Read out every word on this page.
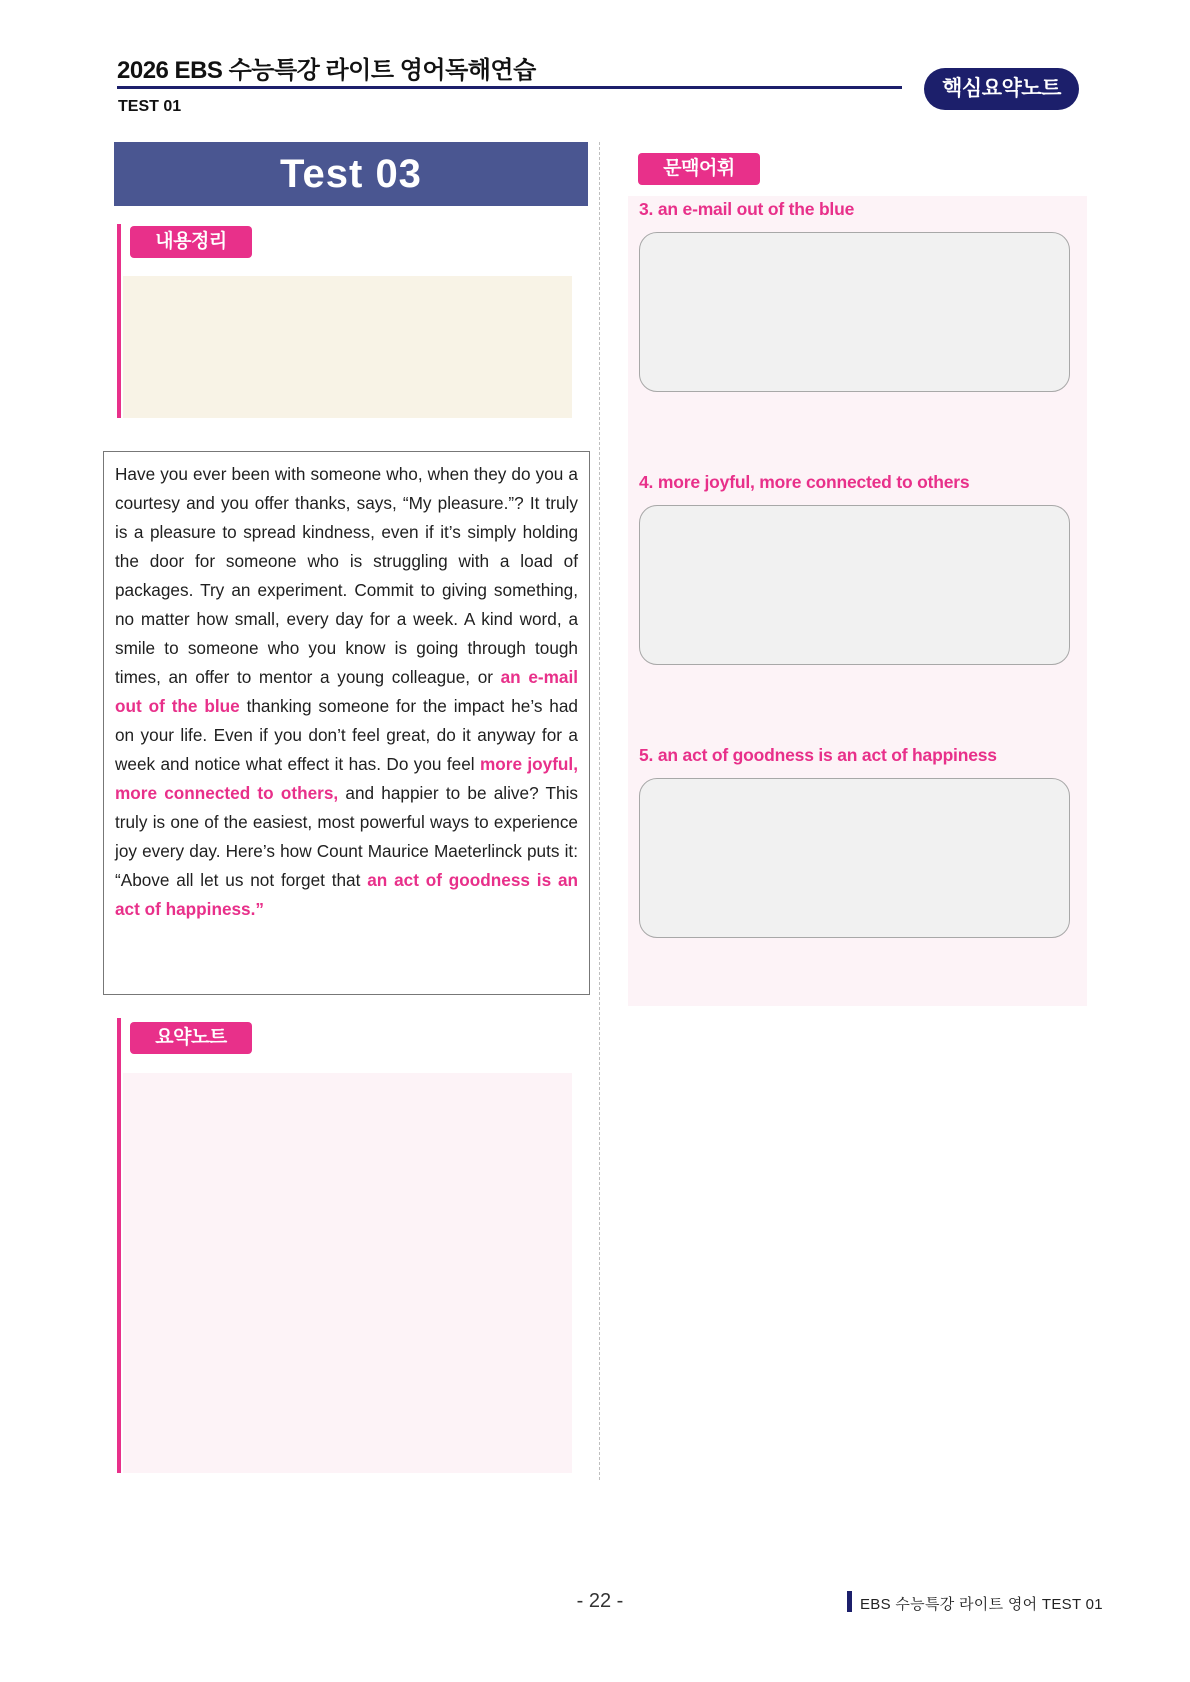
2026 EBS 수능특강 라이트 영어독해연습
TEST 01
핵심요약노트
Test 03
내용정리
Have you ever been with someone who, when they do you a courtesy and you offer thanks, says, “My pleasure.”? It truly is a pleasure to spread kindness, even if it’s simply holding the door for someone who is struggling with a load of packages. Try an experiment. Commit to giving something, no matter how small, every day for a week. A kind word, a smile to someone who you know is going through tough times, an offer to mentor a young colleague, or an e-mail out of the blue thanking someone for the impact he’s had on your life. Even if you don’t feel great, do it anyway for a week and notice what effect it has. Do you feel more joyful, more connected to others, and happier to be alive? This truly is one of the easiest, most powerful ways to experience joy every day. Here’s how Count Maurice Maeterlinck puts it: “Above all let us not forget that an act of goodness is an act of happiness.”
요약노트
문맥어휘
3. an e-mail out of the blue
4. more joyful, more connected to others
5. an act of goodness is an act of happiness
- 22 -	EBS 수능특강 라이트 영어 TEST 01
